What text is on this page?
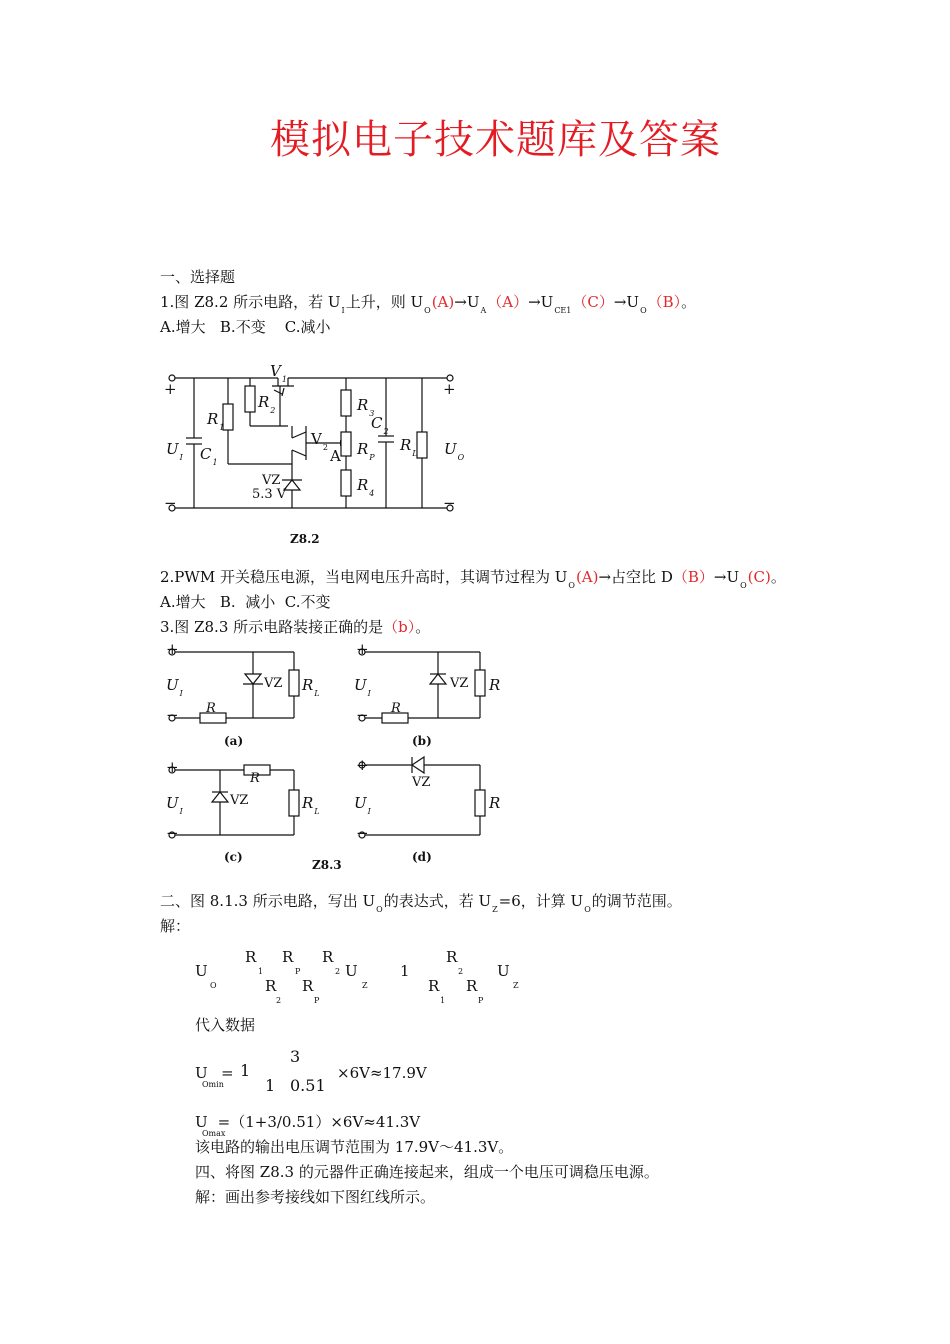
模拟电子技术题库及答案
一、选择题
1.图 Z8.2 所示电路，若 $U_I$上升，则 $U_O(A)\to U_A(A)\to U_{CE1}(C)\to U_O(B)$。
A.增大   B.不变    C.减小
+	+
−	−
$V_1$
$V_2$
$R_1$
$R_2$	$R_3$
$R_P$
$R_4$
$C_1$
$C_2$
$R_L$
$U_I$	$U_O$
A
VZ
5.3 V
Z8.2
2.PWM 开关稳压电源，当电网电压升高时，其调节过程为 $U_O(A)\to$占空比 $D(B)\to U_O(C)$。
A.增大   B.  减小  C.不变
3.图 Z8.3 所示电路装接正确的是（b）。
+
−
$U_I$
R
VZ $R_L$
(a)
+
−
$U_I$
R
VZ R
(b)
+
−
$U_I$
R
VZ	$R_L$
(c)
+
−
$U_I$
VZ
R
(d)
Z8.3
二、图 8.1.3 所示电路，写出 $U_O$的表达式，若 $U_Z=6$，计算 $U_O$的调节范围。
解：
U
O
R
1
R
P
R
2 U
Z
R
2
R
P
1
R
2
R
1
R
P
U
Z
代入数据
U
Omin
= 1
3
1 0.51
×6V≈17.9V
U =（1+3/0.51）×6V≈41.3V
Omax
该电路的输出电压调节范围为 17.9V～41.3V。
四、将图 Z8.3 的元器件正确连接起来，组成一个电压可调稳压电源。
解：画出参考接线如下图红线所示。
